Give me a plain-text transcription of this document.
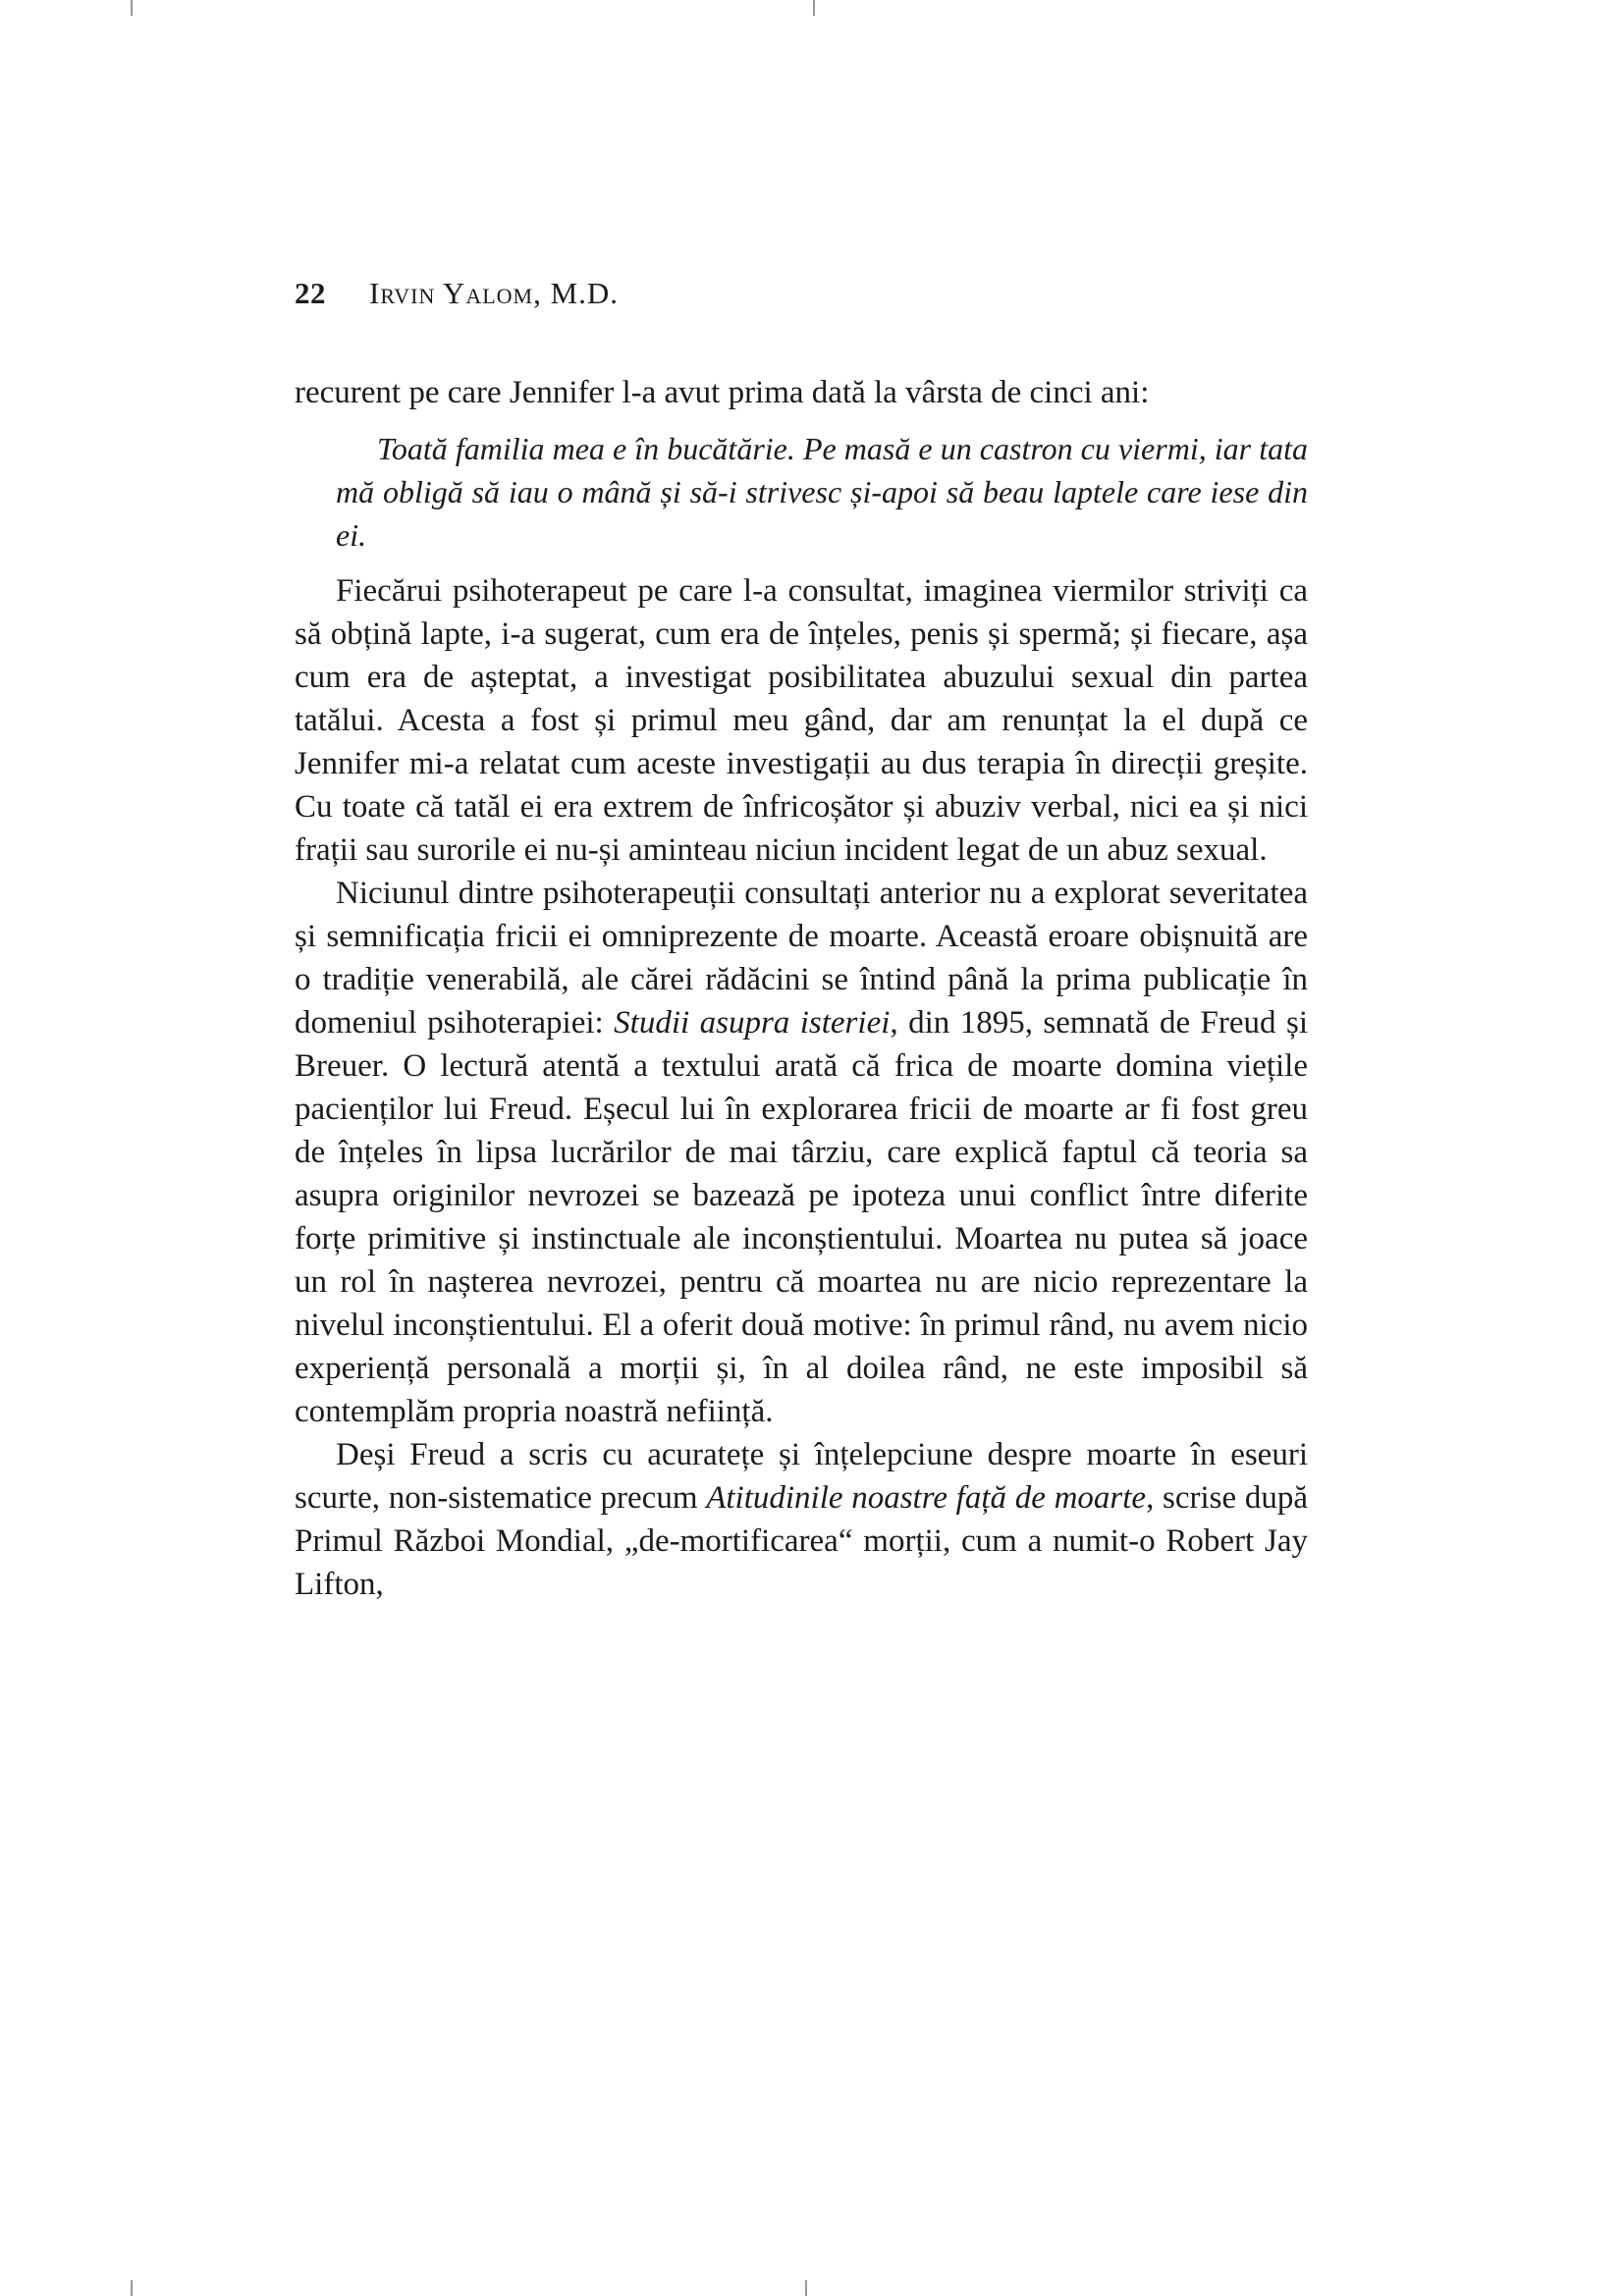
22 Irvin Yalom, M.D.

recurent pe care Jennifer l-a avut prima dată la vârsta de cinci ani:

Toată familia mea e în bucătărie. Pe masă e un castron cu viermi, iar tata mă obligă să iau o mână și să-i strivesc și-apoi să beau laptele care iese din ei.

Fiecărui psihoterapeut pe care l-a consultat, imaginea viermilor striviți ca să obțină lapte, i-a sugerat, cum era de înțeles, penis și spermă; și fiecare, așa cum era de așteptat, a investigat posibilitatea abuzului sexual din partea tatălui. Acesta a fost și primul meu gând, dar am renunțat la el după ce Jennifer mi-a relatat cum aceste investigații au dus terapia în direcții greșite. Cu toate că tatăl ei era extrem de înfricoșător și abuziv verbal, nici ea și nici frații sau surorile ei nu-și aminteau niciun incident legat de un abuz sexual.

Niciunul dintre psihoterapeuții consultați anterior nu a explorat severitatea și semnificația fricii ei omniprezente de moarte. Această eroare obișnuită are o tradiție venerabilă, ale cărei rădăcini se întind până la prima publicație în domeniul psihoterapiei: Studii asupra isteriei, din 1895, semnată de Freud și Breuer. O lectură atentă a textului arată că frica de moarte domina viețile pacienților lui Freud. Eșecul lui în explorarea fricii de moarte ar fi fost greu de înțeles în lipsa lucrărilor de mai târziu, care explică faptul că teoria sa asupra originilor nevrozei se bazează pe ipoteza unui conflict între diferite forțe primitive și instinctuale ale inconștientului. Moartea nu putea să joace un rol în nașterea nevrozei, pentru că moartea nu are nicio reprezentare la nivelul inconștientului. El a oferit două motive: în primul rând, nu avem nicio experiență personală a morții și, în al doilea rând, ne este imposibil să contemplăm propria noastră neființă.

Deși Freud a scris cu acuratețe și înțelepciune despre moarte în eseuri scurte, non-sistematice precum Atitudinile noastre față de moarte, scrise după Primul Război Mondial, „de-mortificarea“ morții, cum a numit-o Robert Jay Lifton,
